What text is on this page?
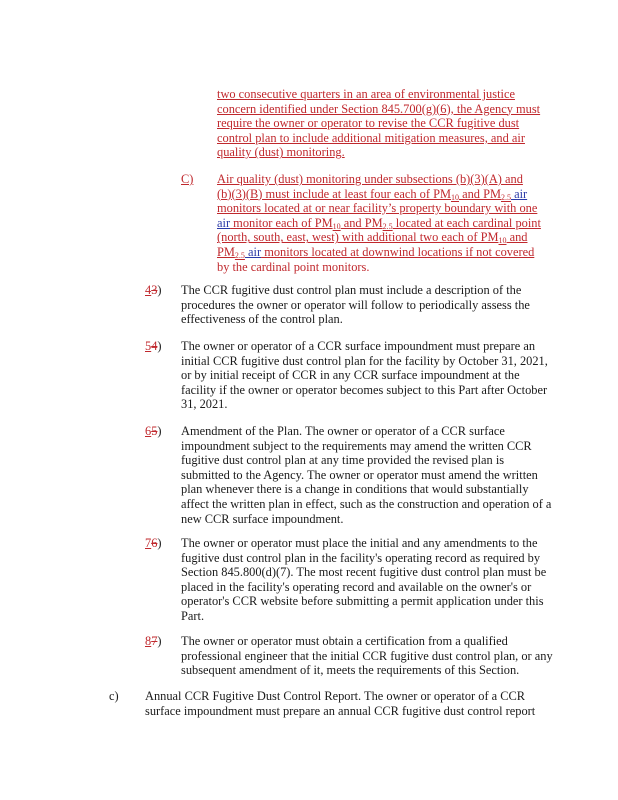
two consecutive quarters in an area of environmental justice
concern identified under Section 845.700(g)(6), the Agency must
require the owner or operator to revise the CCR fugitive dust
control plan to include additional mitigation measures, and air
quality (dust) monitoring.
C) Air quality (dust) monitoring under subsections (b)(3)(A) and
(b)(3)(B) must include at least four each of $PM_{10}$ and $PM_{2.5}$ air
monitors located at or near facility’s property boundary with one
air monitor each of $PM_{10}$ and $PM_{2.5}$ located at each cardinal point
(north, south, east, west) with additional two each of $PM_{10}$ and
$PM_{2.5}$ air monitors located at downwind locations if not covered
by the cardinal point monitors.
43) The CCR fugitive dust control plan must include a description of the
procedures the owner or operator will follow to periodically assess the
effectiveness of the control plan.
54) The owner or operator of a CCR surface impoundment must prepare an
initial CCR fugitive dust control plan for the facility by October 31, 2021,
or by initial receipt of CCR in any CCR surface impoundment at the
facility if the owner or operator becomes subject to this Part after October
31, 2021.
65) Amendment of the Plan. The owner or operator of a CCR surface
impoundment subject to the requirements may amend the written CCR
fugitive dust control plan at any time provided the revised plan is
submitted to the Agency. The owner or operator must amend the written
plan whenever there is a change in conditions that would substantially
affect the written plan in effect, such as the construction and operation of a
new CCR surface impoundment.
76) The owner or operator must place the initial and any amendments to the
fugitive dust control plan in the facility's operating record as required by
Section 845.800(d)(7). The most recent fugitive dust control plan must be
placed in the facility's operating record and available on the owner's or
operator's CCR website before submitting a permit application under this
Part.
87) The owner or operator must obtain a certification from a qualified
professional engineer that the initial CCR fugitive dust control plan, or any
subsequent amendment of it, meets the requirements of this Section.
c) Annual CCR Fugitive Dust Control Report. The owner or operator of a CCR
surface impoundment must prepare an annual CCR fugitive dust control report
